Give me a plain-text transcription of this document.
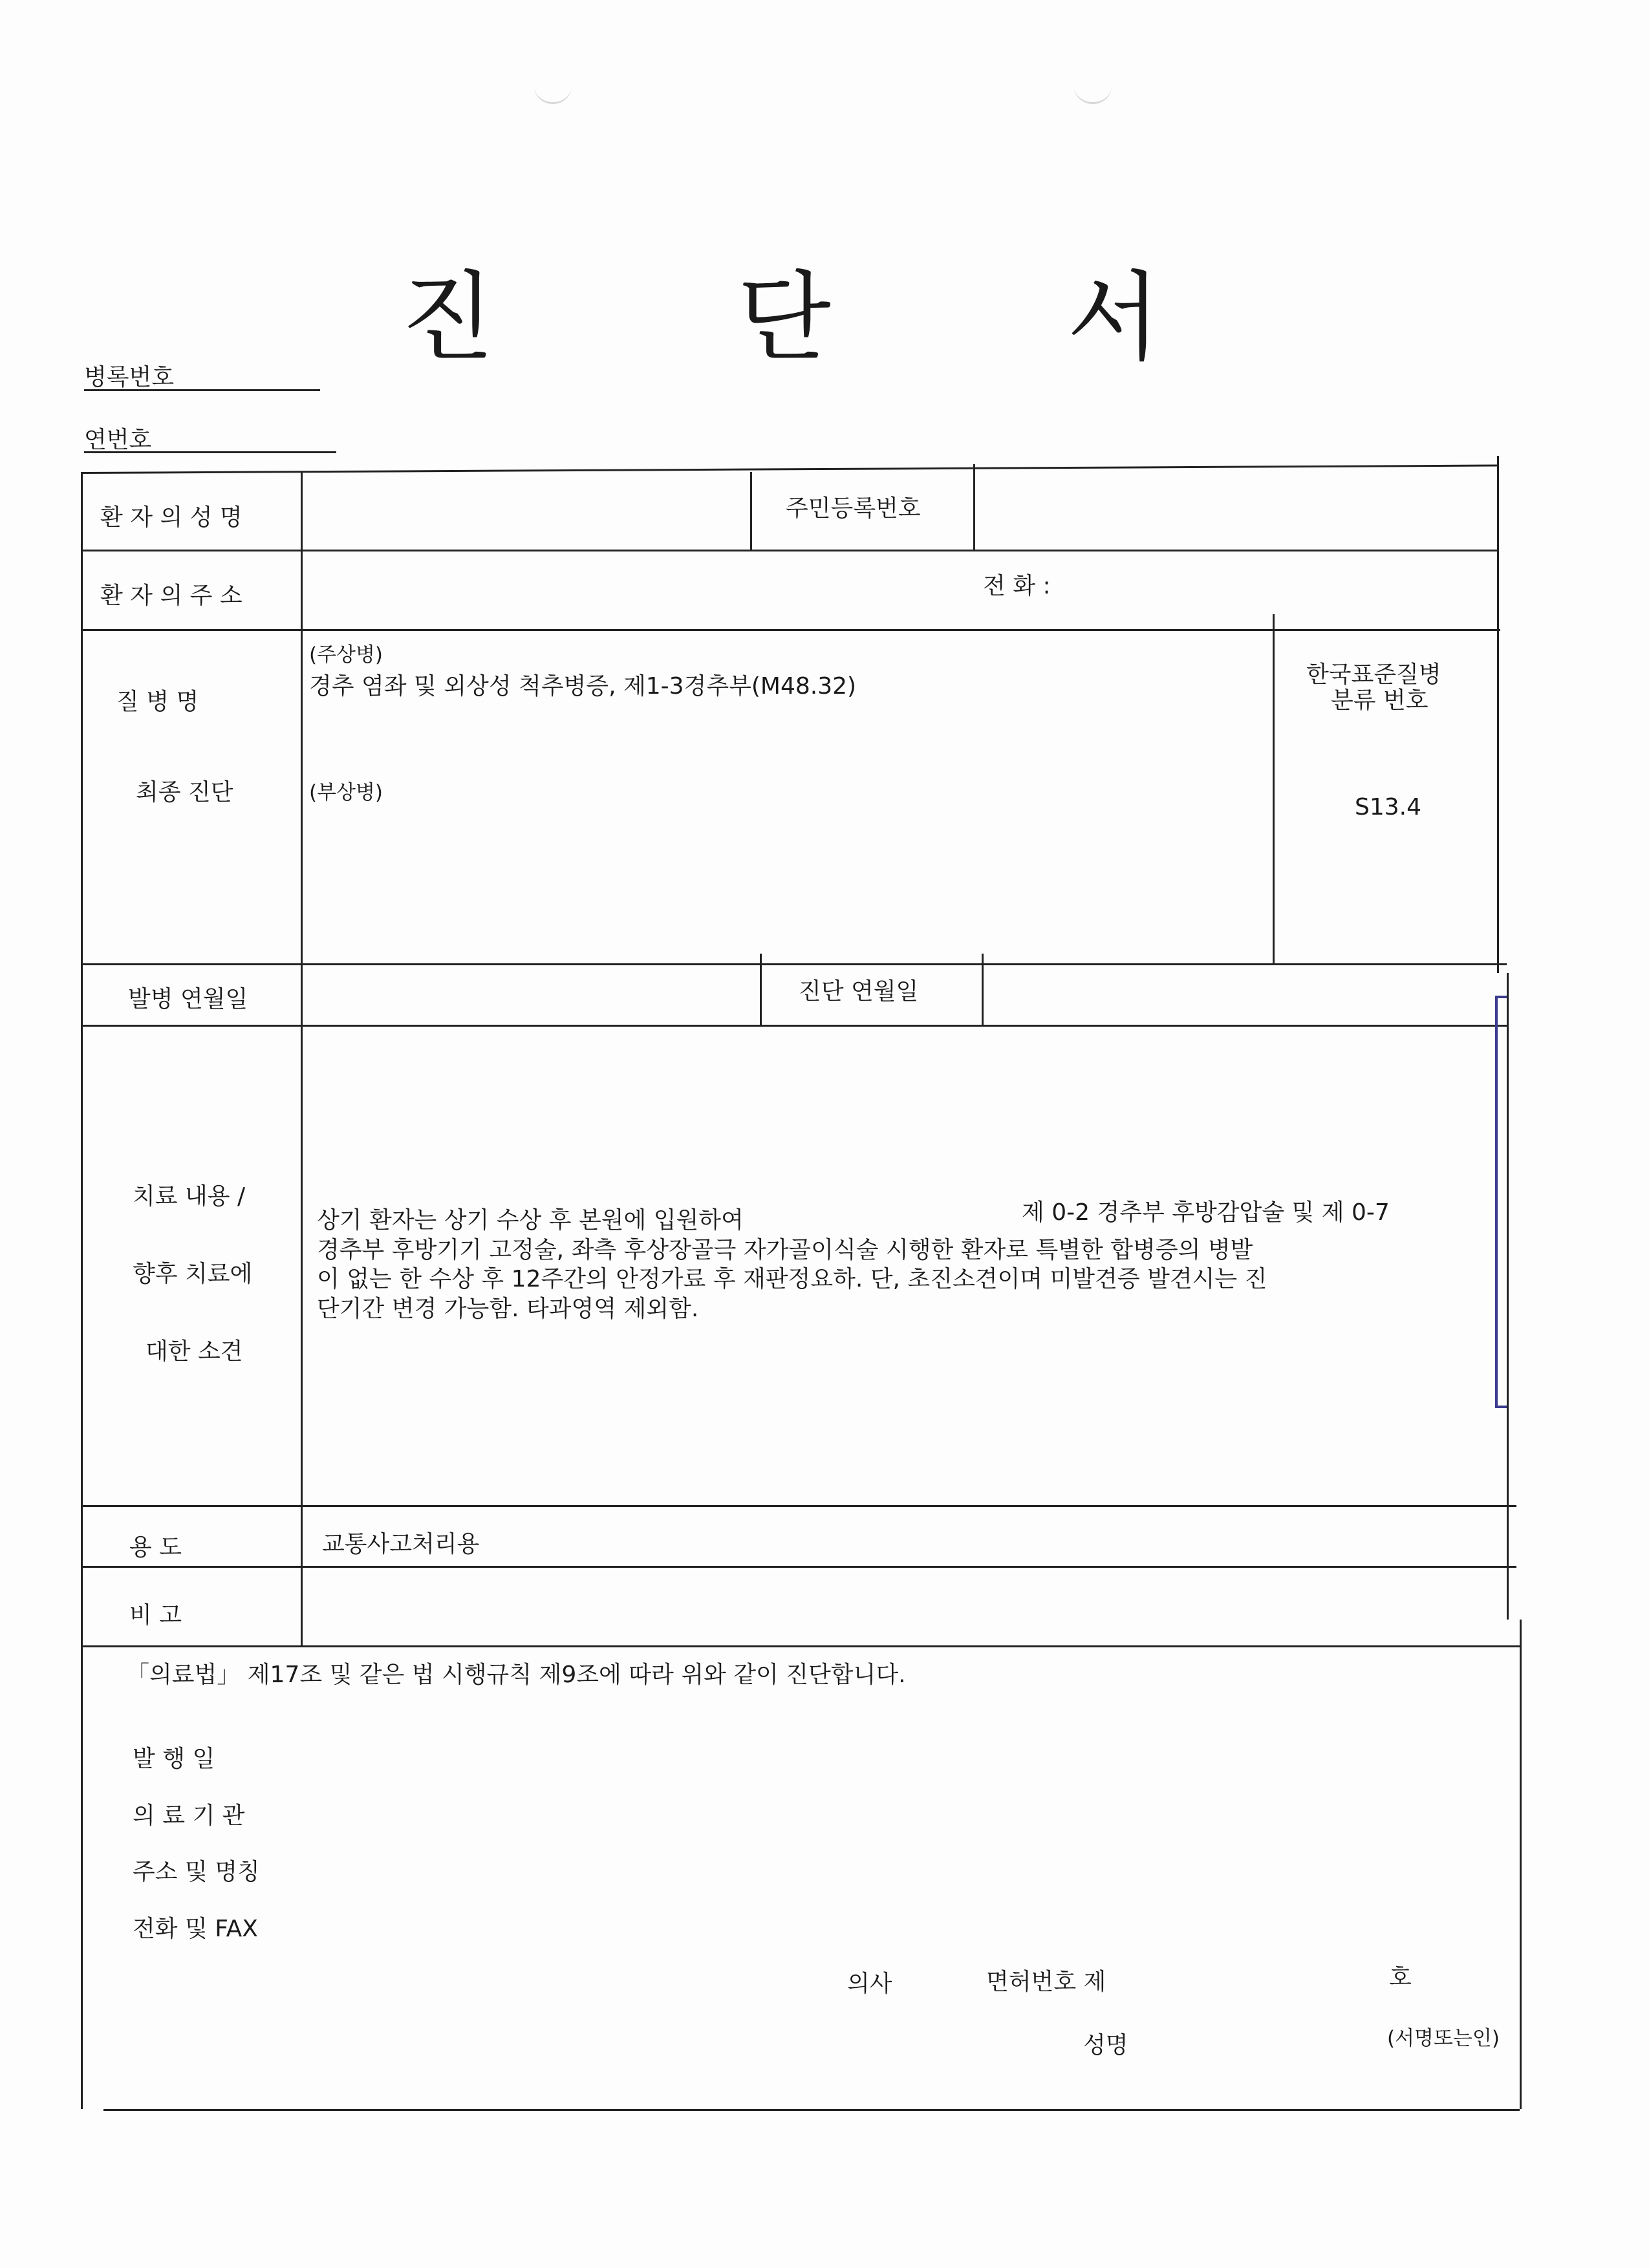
진	단 서
병록번호
연번호
환 자 의 성 명	주민등록번호
환 자 의 주 소	전 화 :
(주상병)
경추 염좌 및 외상성 척추병증, 제1-3경추부(M48.32)
(부상병)
질 병 명
최종 진단
한국표준질병
분류 번호
S13.4
발병 연월일	진단 연월일
치료 내용 /
향후 치료에
대한 소견
상기 환자는 상기 수상 후 본원에 입원하여	제 0-2 경추부 후방감압술 및 제 0-7
경추부 후방기기 고정술, 좌측 후상장골극 자가골이식술 시행한 환자로 특별한 합병증의 병발
이 없는 한 수상 후 12주간의 안정가료 후 재판정요하. 단, 초진소견이며 미발견증 발견시는 진
단기간 변경 가능함. 타과영역 제외함.
용 도	교통사고처리용
비 고
「의료법」 제17조 및 같은 법 시행규칙 제9조에 따라 위와 같이 진단합니다.
발 행 일
의 료 기 관
주소 및 명칭
전화 및 FAX
의사	면허번호 제	호
성명	(서명또는인)
